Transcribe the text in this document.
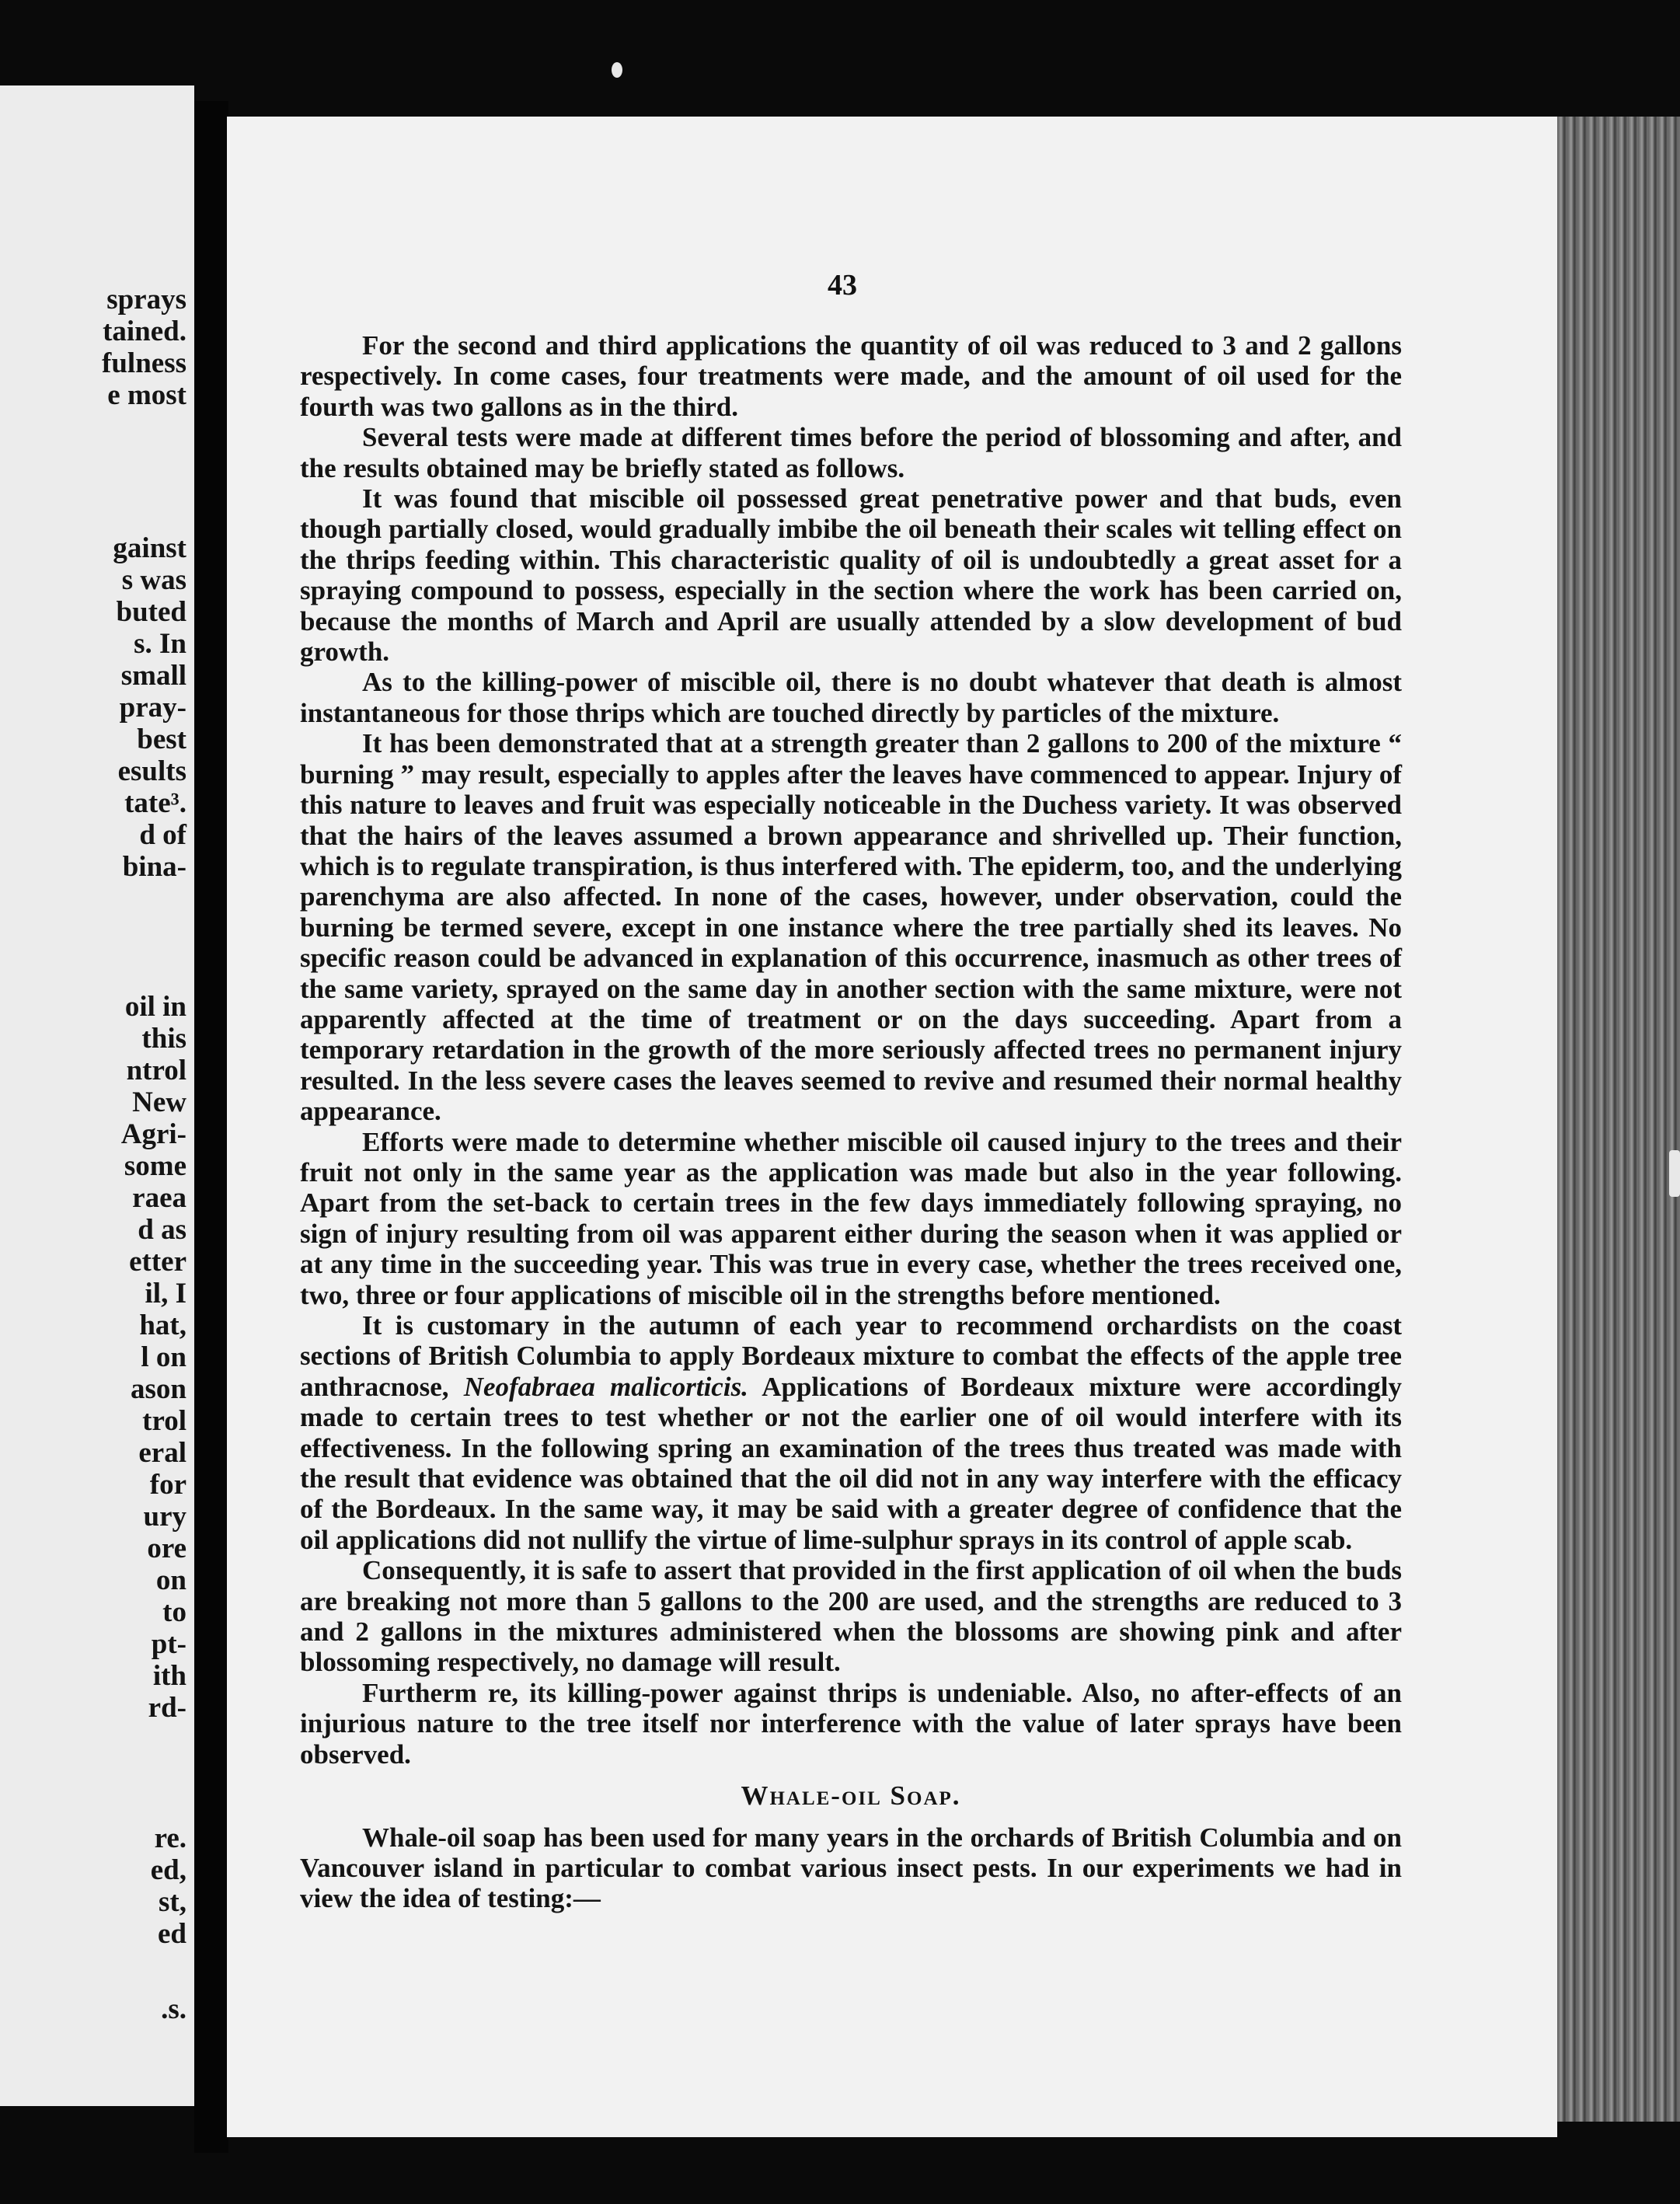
sprays
tained.
fulness
e most
gainst
s was
buted
s. In
small
pray-
best
esults
tate³.
d of
bina-
oil in
this
ntrol
New
Agri-
some
raea
d as
etter
il, I
hat,
l on
ason
trol
eral
for
ury
ore
on
to
pt-
ith
rd-
re.
ed,
st,
ed
.s.
43

For the second and third applications the quantity of oil was reduced to 3 and 2 gallons respectively. In come cases, four treatments were made, and the amount of oil used for the fourth was two gallons as in the third.

Several tests were made at different times before the period of blossoming and after, and the results obtained may be briefly stated as follows.

It was found that miscible oil possessed great penetrative power and that buds, even though partially closed, would gradually imbibe the oil beneath their scales wit telling effect on the thrips feeding within. This characteristic quality of oil is undoubtedly a great asset for a spraying compound to possess, especially in the section where the work has been carried on, because the months of March and April are usually attended by a slow development of bud growth.

As to the killing-power of miscible oil, there is no doubt whatever that death is almost instantaneous for those thrips which are touched directly by particles of the mixture.

It has been demonstrated that at a strength greater than 2 gallons to 200 of the mixture “ burning ” may result, especially to apples after the leaves have commenced to appear. Injury of this nature to leaves and fruit was especially noticeable in the Duchess variety. It was observed that the hairs of the leaves assumed a brown appearance and shrivelled up. Their function, which is to regulate transpiration, is thus interfered with. The epiderm, too, and the underlying parenchyma are also affected. In none of the cases, however, under observation, could the burning be termed severe, except in one instance where the tree partially shed its leaves. No specific reason could be advanced in explanation of this occurrence, inasmuch as other trees of the same variety, sprayed on the same day in another section with the same mixture, were not apparently affected at the time of treatment or on the days succeeding. Apart from a temporary retardation in the growth of the more seriously affected trees no permanent injury resulted. In the less severe cases the leaves seemed to revive and resumed their normal healthy appearance.

Efforts were made to determine whether miscible oil caused injury to the trees and their fruit not only in the same year as the application was made but also in the year following. Apart from the set-back to certain trees in the few days immediately following spraying, no sign of injury resulting from oil was apparent either during the season when it was applied or at any time in the succeeding year. This was true in every case, whether the trees received one, two, three or four applications of miscible oil in the strengths before mentioned.

It is customary in the autumn of each year to recommend orchardists on the coast sections of British Columbia to apply Bordeaux mixture to combat the effects of the apple tree anthracnose, Neofabraea malicorticis. Applications of Bordeaux mixture were accordingly made to certain trees to test whether or not the earlier one of oil would interfere with its effectiveness. In the following spring an examination of the trees thus treated was made with the result that evidence was obtained that the oil did not in any way interfere with the efficacy of the Bordeaux. In the same way, it may be said with a greater degree of confidence that the oil applications did not nullify the virtue of lime-sulphur sprays in its control of apple scab.

Consequently, it is safe to assert that provided in the first application of oil when the buds are breaking not more than 5 gallons to the 200 are used, and the strengths are reduced to 3 and 2 gallons in the mixtures administered when the blossoms are showing pink and after blossoming respectively, no damage will result.

Furtherm re, its killing-power against thrips is undeniable. Also, no after-effects of an injurious nature to the tree itself nor interference with the value of later sprays have been observed.

Whale-oil Soap.

Whale-oil soap has been used for many years in the orchards of British Columbia and on Vancouver island in particular to combat various insect pests. In our experiments we had in view the idea of testing:—
